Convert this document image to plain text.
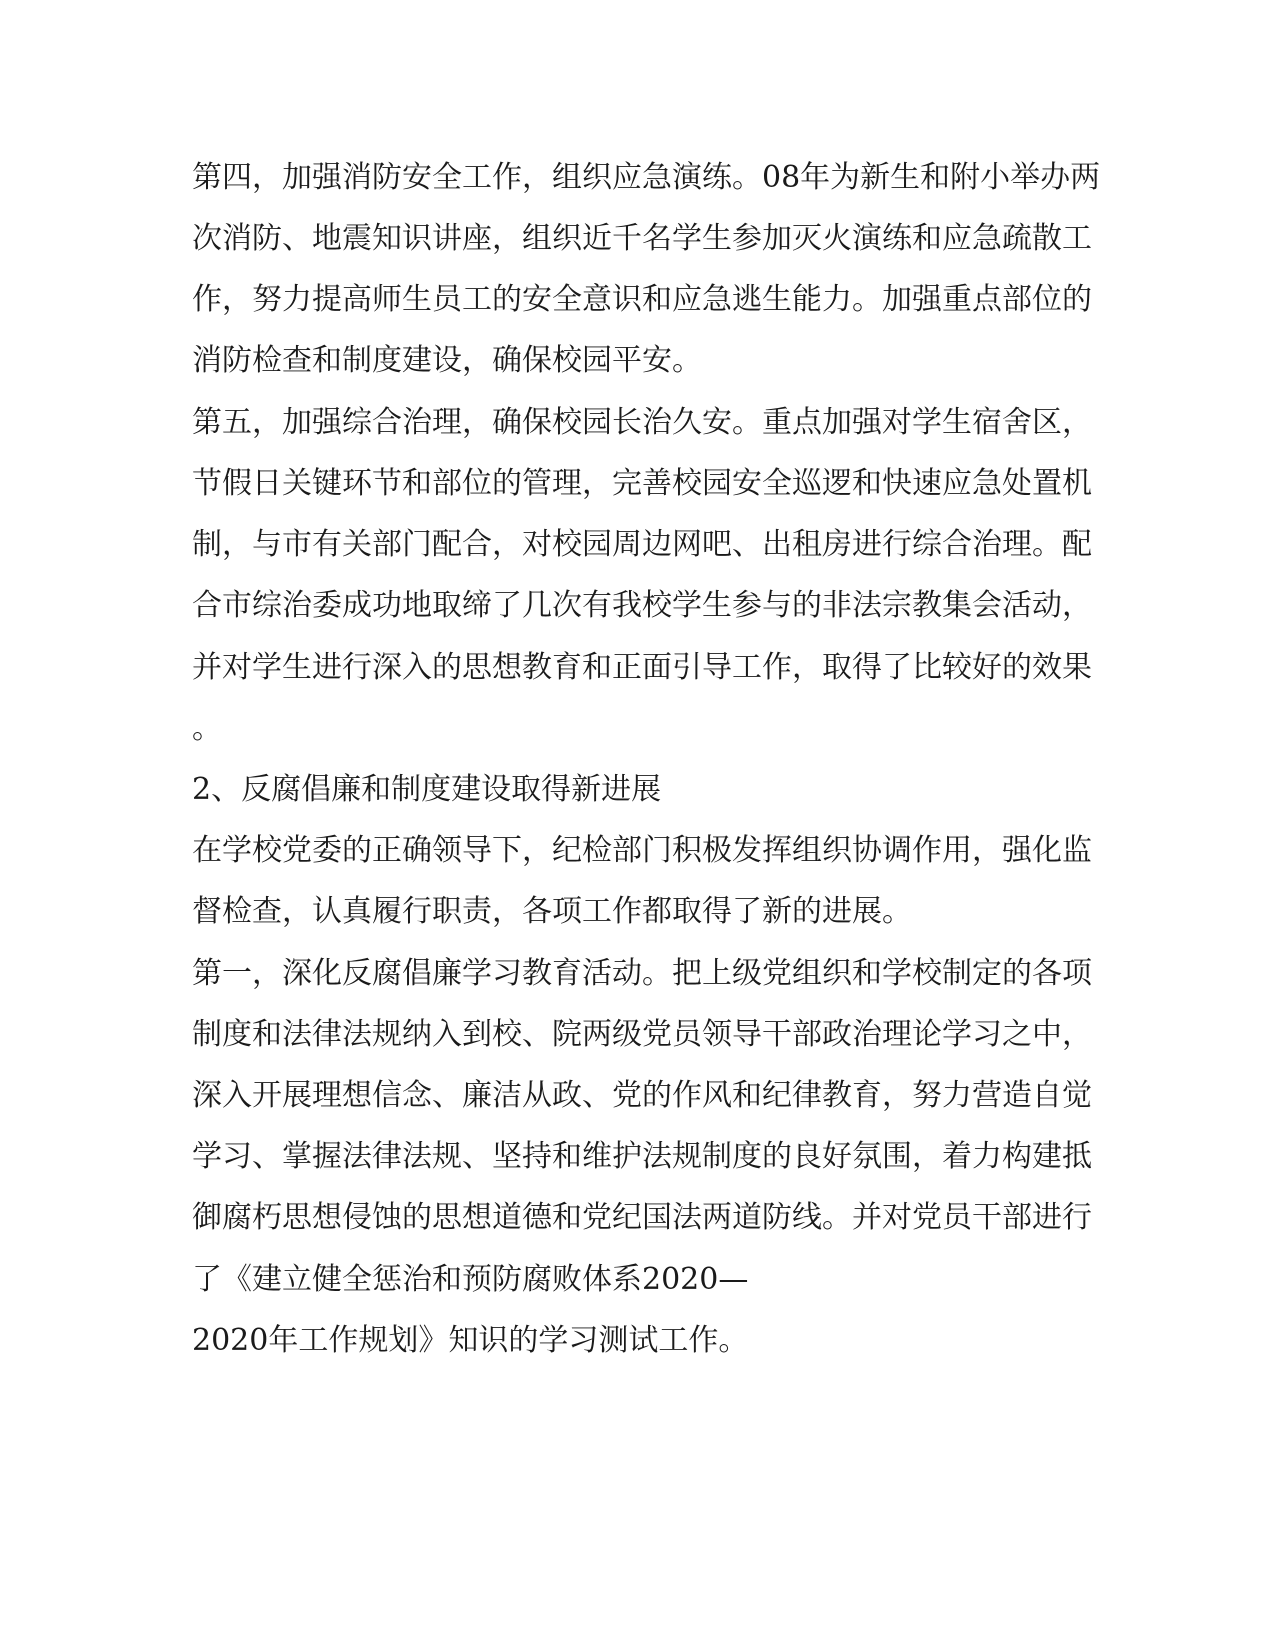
第四，加强消防安全工作，组织应急演练。08年为新生和附小举办两

次消防、地震知识讲座，组织近千名学生参加灭火演练和应急疏散工

作，努力提高师生员工的安全意识和应急逃生能力。加强重点部位的

消防检查和制度建设，确保校园平安。

第五，加强综合治理，确保校园长治久安。重点加强对学生宿舍区，

节假日关键环节和部位的管理，完善校园安全巡逻和快速应急处置机

制，与市有关部门配合，对校园周边网吧、出租房进行综合治理。配

合市综治委成功地取缔了几次有我校学生参与的非法宗教集会活动，

并对学生进行深入的思想教育和正面引导工作，取得了比较好的效果

。

2、反腐倡廉和制度建设取得新进展

在学校党委的正确领导下，纪检部门积极发挥组织协调作用，强化监

督检查，认真履行职责，各项工作都取得了新的进展。

第一，深化反腐倡廉学习教育活动。把上级党组织和学校制定的各项

制度和法律法规纳入到校、院两级党员领导干部政治理论学习之中，

深入开展理想信念、廉洁从政、党的作风和纪律教育，努力营造自觉

学习、掌握法律法规、坚持和维护法规制度的良好氛围，着力构建抵

御腐朽思想侵蚀的思想道德和党纪国法两道防线。并对党员干部进行

了《建立健全惩治和预防腐败体系2020—

2020年工作规划》知识的学习测试工作。
